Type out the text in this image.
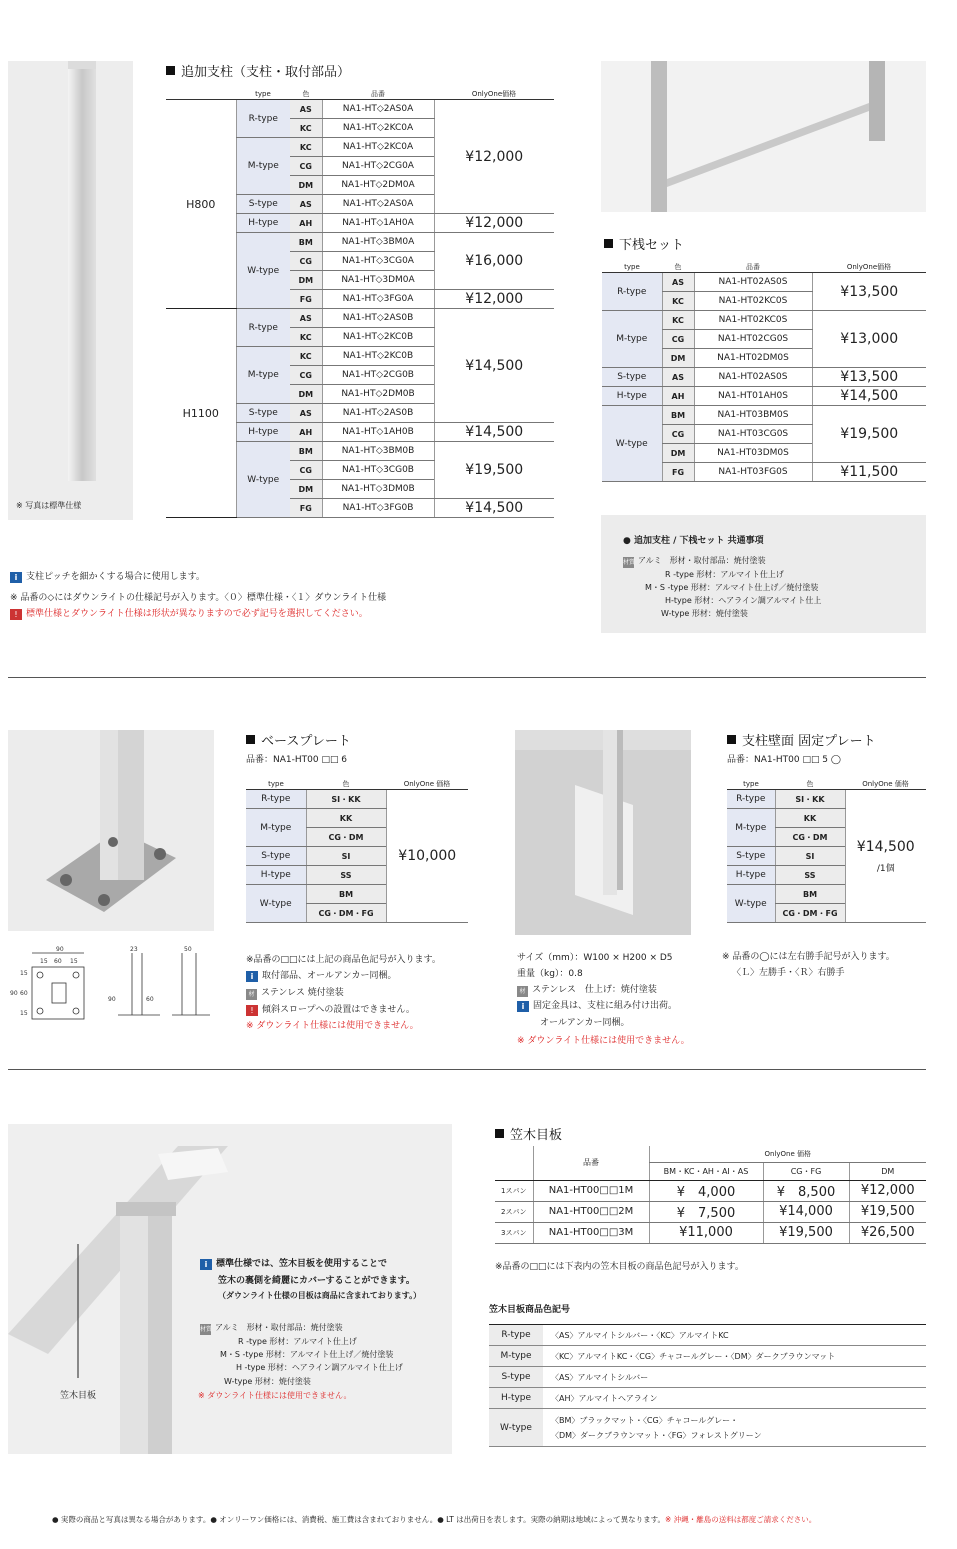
※ 写真は標準仕様
追加支柱（支柱・取付部品）
	type	色	品番	OnlyOne価格
H800	R-type	AS	NA1-HT◇2AS0A	¥12,000
		KC	NA1-HT◇2KC0A	
	M-type	KC	NA1-HT◇2KC0A	
		CG	NA1-HT◇2CG0A	
		DM	NA1-HT◇2DM0A	
	S-type	AS	NA1-HT◇2AS0A	
	H-type	AH	NA1-HT◇1AH0A	¥12,000
	W-type	BM	NA1-HT◇3BM0A	¥16,000
		CG	NA1-HT◇3CG0A	
		DM	NA1-HT◇3DM0A	
		FG	NA1-HT◇3FG0A	¥12,000
H1100	R-type	AS	NA1-HT◇2AS0B	¥14,500
		KC	NA1-HT◇2KC0B	
	M-type	KC	NA1-HT◇2KC0B	
		CG	NA1-HT◇2CG0B	
		DM	NA1-HT◇2DM0B	
	S-type	AS	NA1-HT◇2AS0B	
	H-type	AH	NA1-HT◇1AH0B	¥14,500
	W-type	BM	NA1-HT◇3BM0B	¥19,500
		CG	NA1-HT◇3CG0B	
		DM	NA1-HT◇3DM0B	
		FG	NA1-HT◇3FG0B	¥14,500
i 支柱ピッチを細かくする場合に使用します。
※ 品番の◇にはダウンライトの仕様記号が入ります。〈０〉標準仕様・〈１〉ダウンライト仕様
! 標準仕様とダウンライト仕様は形状が異なりますので必ず記号を選択してください。
下桟セット
type	色	品番	OnlyOne価格
R-type	AS	NA1-HT02AS0S	¥13,500
	KC	NA1-HT02KC0S	
M-type	KC	NA1-HT02KC0S	¥13,000
	CG	NA1-HT02CG0S	
	DM	NA1-HT02DM0S	
S-type	AS	NA1-HT02AS0S	¥13,500
H-type	AH	NA1-HT01AH0S	¥14,500
W-type	BM	NA1-HT03BM0S	¥19,500
	CG	NA1-HT03CG0S	
	DM	NA1-HT03DM0S	
	FG	NA1-HT03FG0S	¥11,500
● 追加支柱 / 下桟セット 共通事項
材質 アルミ　形材・取付部品：焼付塗装
R -type 形材：アルマイト仕上げ
M・S -type 形材：アルマイト仕上げ／焼付塗装
H-type 形材：ヘアライン調アルマイト仕上
W-type 形材：焼付塗装
90
15 60 15
23	50
15
60
15
90
90	60
ベースプレート
品番：NA1-HT00 □□ 6
type	色	OnlyOne 価格
R-type	SI・KK	¥10,000

M-type	KK	
	CG・DM	
S-type	SI	
H-type	SS	
W-type	BM	
	CG・DM・FG	
※品番の□□には上記の商品色記号が入ります。
i 取付部品、オールアンカー同梱。
材 ステンレス 焼付塗装
! 傾斜スロープへの設置はできません。
※ ダウンライト仕様には使用できません。
サイズ（mm）：W100 × H200 × D5
重量（kg）：0.8
材 ステンレス　仕上げ：焼付塗装
i 固定金具は、支柱に組み付け出荷。
オールアンカー同梱。
※ ダウンライト仕様には使用できません。
支柱壁面 固定プレート
品番：NA1-HT00 □□ 5 ◯
type	色	OnlyOne 価格
R-type	SI・KK	¥14,500
/1個

M-type	KK	
	CG・DM	
S-type	SI	
H-type	SS	
W-type	BM	
	CG・DM・FG	
※ 品番の◯には左右勝手記号が入ります。
〈Ｌ〉左勝手・〈Ｒ〉右勝手
笠木目板
i 標準仕様では、笠木目板を使用することで
笠木の裏側を綺麗にカバーすることができます。
（ダウンライト仕様の目板は商品に含まれております。）
材質 アルミ　形材・取付部品：焼付塗装
R -type 形材：アルマイト仕上げ
M・S -type 形材：アルマイト仕上げ／焼付塗装
H -type 形材：ヘアライン調アルマイト仕上げ
W-type 形材：焼付塗装
※ ダウンライト仕様には使用できません。
笠木目板
	品番	OnlyOne 価格		
		BM・KC・AH・AI・AS	CG・FG	DM
1スパン	NA1-HT00□□1M	¥　4,000	¥　8,500	¥12,000
2スパン	NA1-HT00□□2M	¥　7,500	¥14,000	¥19,500
3スパン	NA1-HT00□□3M	¥11,000	¥19,500	¥26,500
※品番の□□には下表内の笠木目板の商品色記号が入ります。
笠木目板商品色記号
R-type	〈AS〉アルマイトシルバー・〈KC〉アルマイトKC

M-type	〈KC〉アルマイトKC・〈CG〉チャコールグレー・〈DM〉ダークブラウンマット

S-type	〈AS〉アルマイトシルバー

H-type	〈AH〉アルマイトヘアライン

W-type	〈BM〉ブラックマット・〈CG〉チャコールグレー・
〈DM〉ダークブラウンマット・〈FG〉フォレストグリーン
● 実際の商品と写真は異なる場合があります。● オンリーワン価格には、消費税、施工費は含まれておりません。● LT は出荷日を表します。実際の納期は地域によって異なります。※ 沖縄・離島の送料は都度ご請求ください。
